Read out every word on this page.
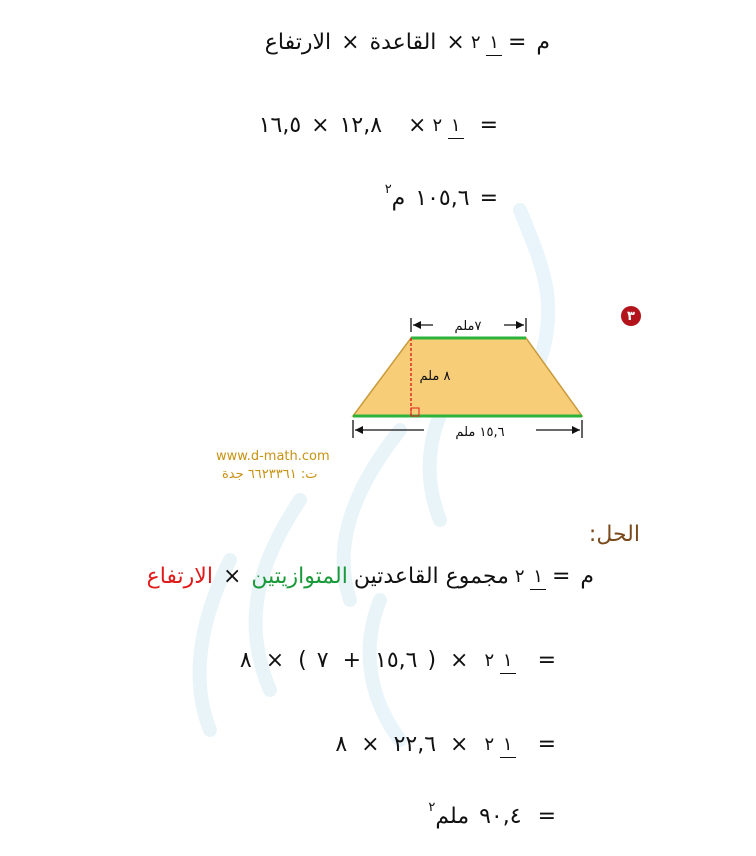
م
=
١ ٢
×
القاعدة
×
الارتفاع
=
١ ٢
×
١٢,٨
×
١٦,٥
=
١٠٥,٦
م
٢
٣
٧ملم
٨ ملم
١٥,٦ ملم
www.d-math.com
ت: ٦٦٢٣٣٦١ جدة
الحل:
م
=
١ ٢
مجموع القاعدتين
المتوازيتين
×
الارتفاع
=
١ ٢
×
(
١٥,٦
+
٧
)
×
٨
=
١ ٢
×
٢٢,٦
×
٨
=
٩٠,٤
ملم
٢
